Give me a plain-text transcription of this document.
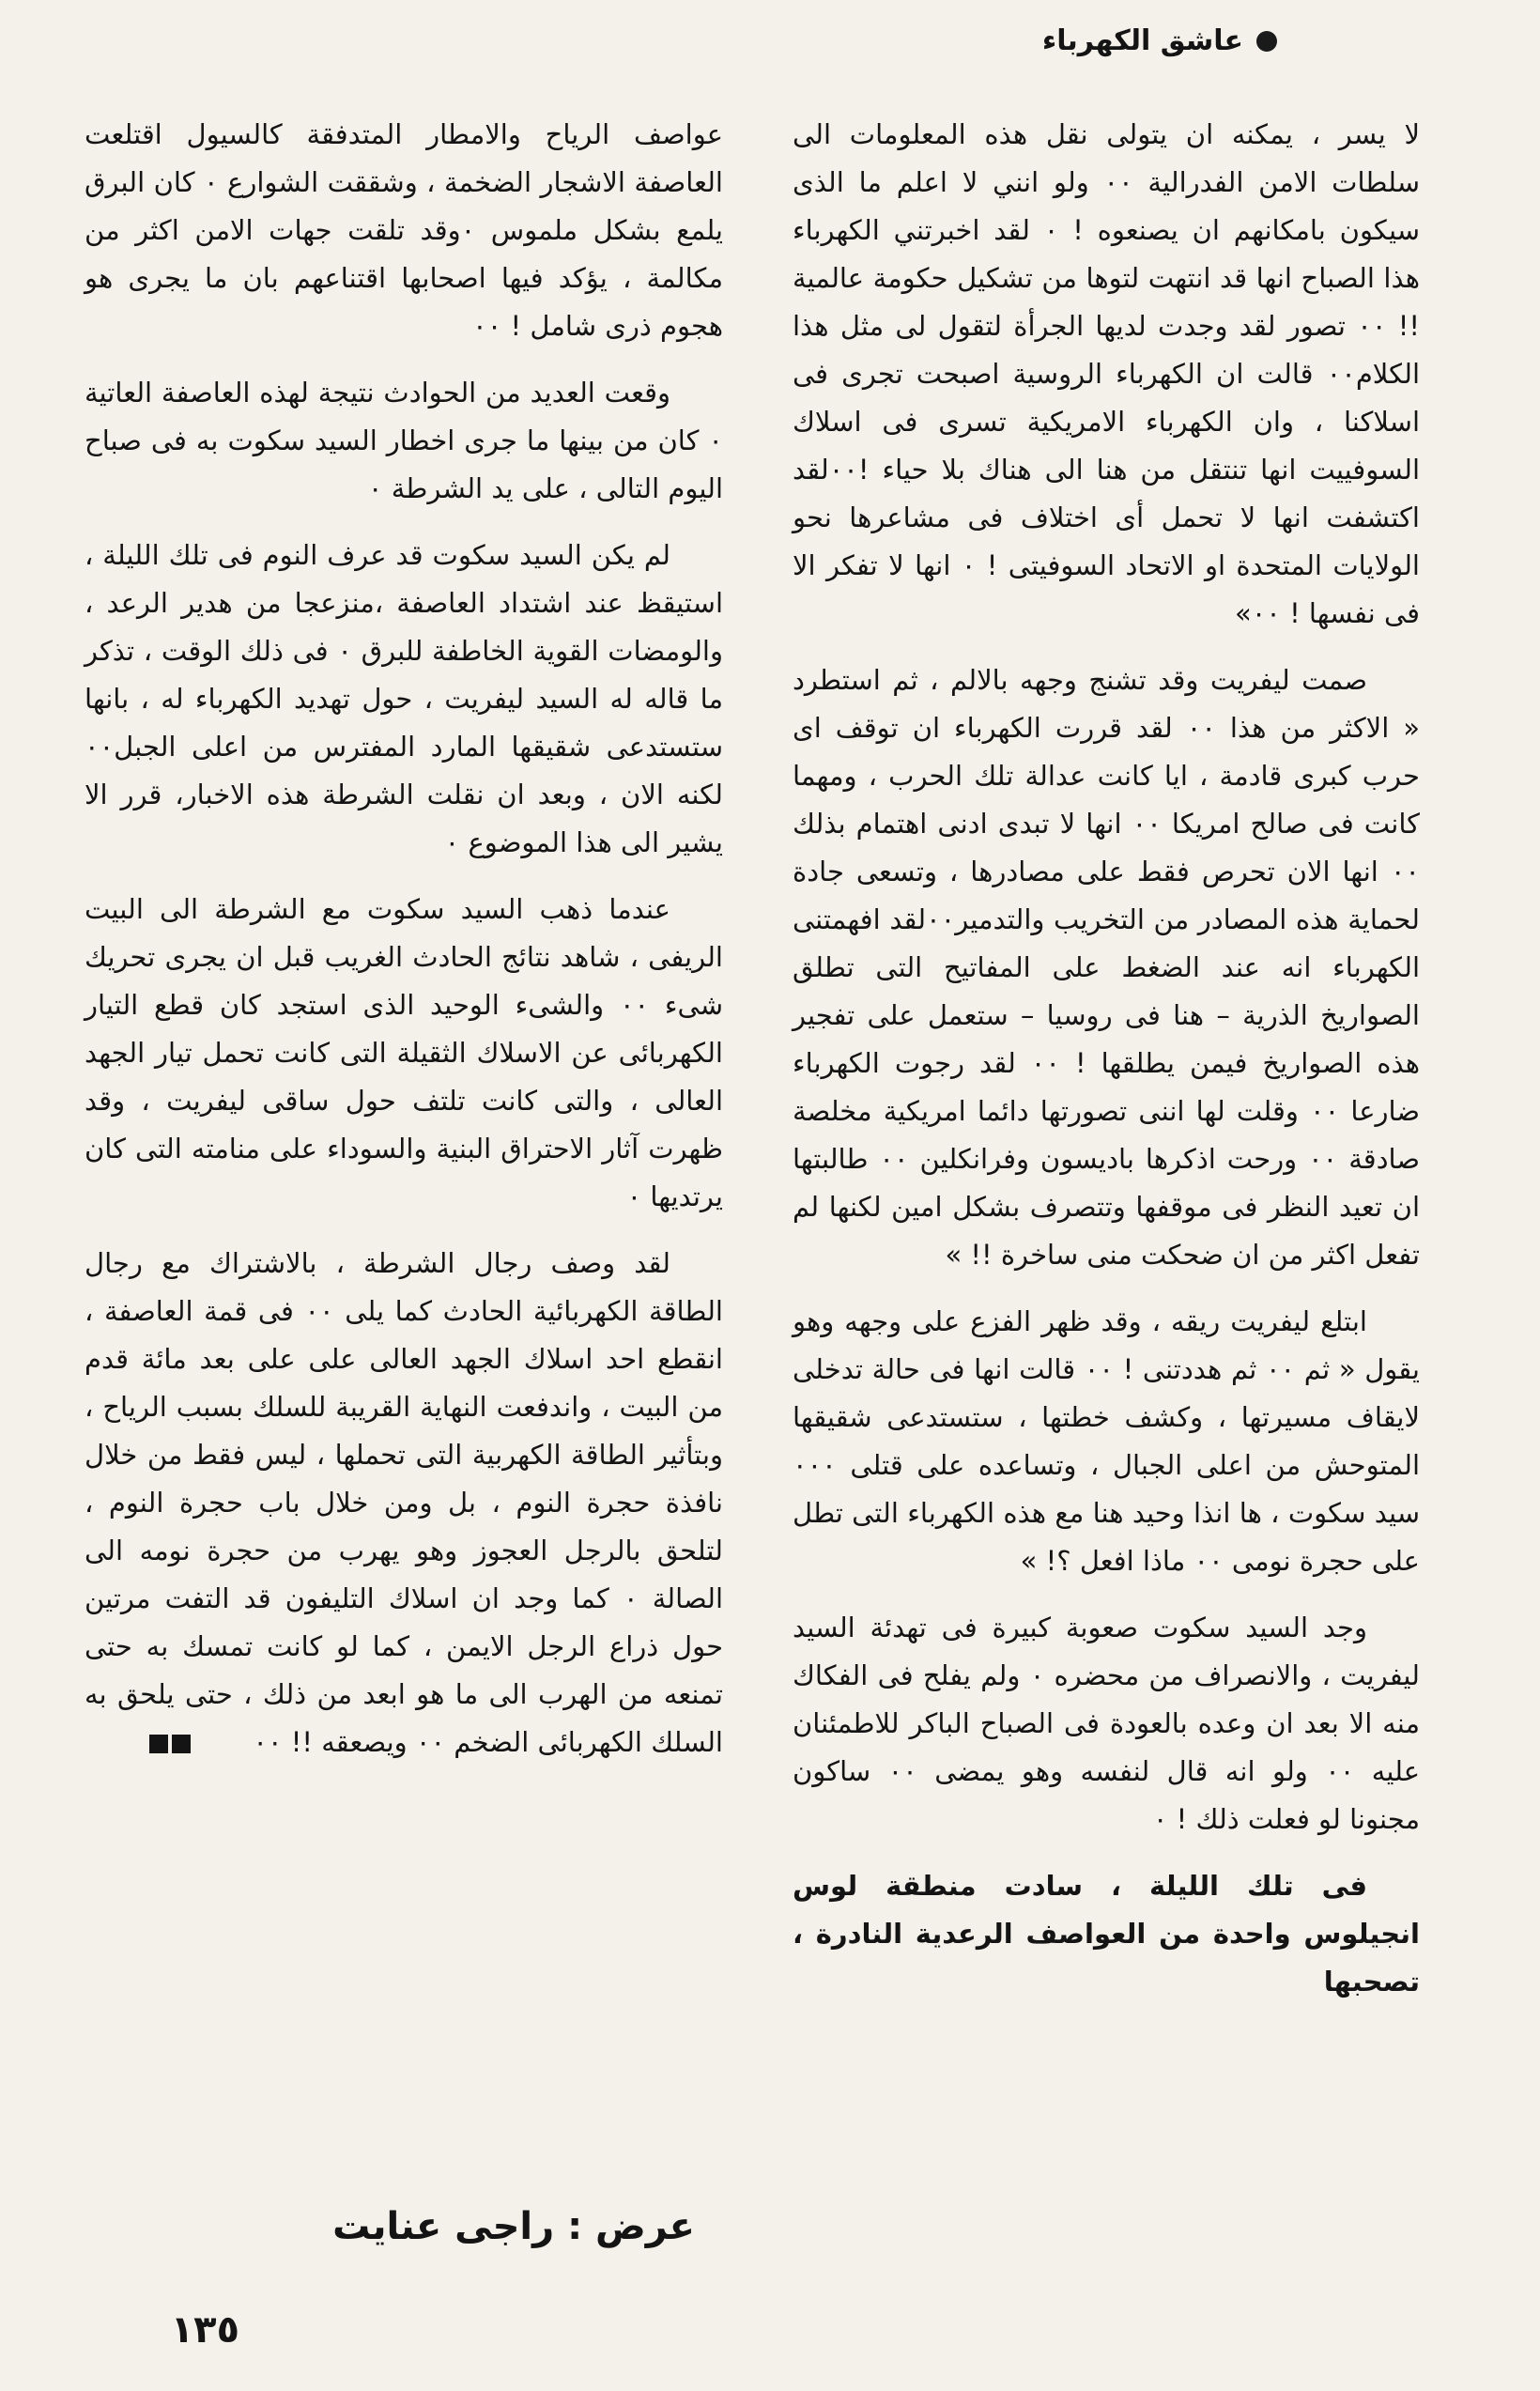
عاشق الكهرباء

لا يسر ، يمكنه ان يتولى نقل هذه المعلومات الى سلطات الامن الفدرالية ٠٠ ولو انني لا اعلم ما الذى سيكون بامكانهم ان يصنعوه ! ٠ لقد اخبرتني الكهرباء هذا الصباح انها قد انتهت لتوها من تشكيل حكومة عالمية !! ٠٠ تصور لقد وجدت لديها الجرأة لتقول لى مثل هذا الكلام٠٠ قالت ان الكهرباء الروسية اصبحت تجرى فى اسلاكنا ، وان الكهرباء الامريكية تسرى فى اسلاك السوفييت انها تنتقل من هنا الى هناك بلا حياء !٠٠لقد اكتشفت انها لا تحمل أى اختلاف فى مشاعرها نحو الولايات المتحدة او الاتحاد السوفيتى ! ٠ انها لا تفكر الا فى نفسها ! ٠٠»

صمت ليفريت وقد تشنج وجهه بالالم ، ثم استطرد « الاكثر من هذا ٠٠ لقد قررت الكهرباء ان توقف اى حرب كبرى قادمة ، ايا كانت عدالة تلك الحرب ، ومهما كانت فى صالح امريكا ٠٠ انها لا تبدى ادنى اهتمام بذلك ٠٠ انها الان تحرص فقط على مصادرها ، وتسعى جادة لحماية هذه المصادر من التخريب والتدمير٠٠لقد افهمتنى الكهرباء انه عند الضغط على المفاتيح التى تطلق الصواريخ الذرية – هنا فى روسيا – ستعمل على تفجير هذه الصواريخ فيمن يطلقها ! ٠٠ لقد رجوت الكهرباء ضارعا ٠٠ وقلت لها اننى تصورتها دائما امريكية مخلصة صادقة ٠٠ ورحت اذكرها باديسون وفرانكلين ٠٠ طالبتها ان تعيد النظر فى موقفها وتتصرف بشكل امين لكنها لم تفعل اكثر من ان ضحكت منى ساخرة !! »

ابتلع ليفريت ريقه ، وقد ظهر الفزع على وجهه وهو يقول « ثم ٠٠ ثم هددتنى ! ٠٠ قالت انها فى حالة تدخلى لايقاف مسيرتها ، وكشف خطتها ، ستستدعى شقيقها المتوحش من اعلى الجبال ، وتساعده على قتلى ٠٠٠ سيد سكوت ، ها انذا وحيد هنا مع هذه الكهرباء التى تطل على حجرة نومى ٠٠ ماذا افعل ؟! »

وجد السيد سكوت صعوبة كبيرة فى تهدئة السيد ليفريت ، والانصراف من محضره ٠ ولم يفلح فى الفكاك منه الا بعد ان وعده بالعودة فى الصباح الباكر للاطمئنان عليه ٠٠ ولو انه قال لنفسه وهو يمضى ٠٠ ساكون مجنونا لو فعلت ذلك ! ٠

فى تلك الليلة ، سادت منطقة لوس انجيلوس واحدة من العواصف الرعدية النادرة ، تصحبها

عواصف الرياح والامطار المتدفقة كالسيول اقتلعت العاصفة الاشجار الضخمة ، وشققت الشوارع ٠ كان البرق يلمع بشكل ملموس ٠وقد تلقت جهات الامن اكثر من مكالمة ، يؤكد فيها اصحابها اقتناعهم بان ما يجرى هو هجوم ذرى شامل ! ٠٠

وقعت العديد من الحوادث نتيجة لهذه العاصفة العاتية ٠ كان من بينها ما جرى اخطار السيد سكوت به فى صباح اليوم التالى ، على يد الشرطة ٠

لم يكن السيد سكوت قد عرف النوم فى تلك الليلة ، استيقظ عند اشتداد العاصفة ،منزعجا من هدير الرعد ، والومضات القوية الخاطفة للبرق ٠ فى ذلك الوقت ، تذكر ما قاله له السيد ليفريت ، حول تهديد الكهرباء له ، بانها ستستدعى شقيقها المارد المفترس من اعلى الجبل٠٠ لكنه الان ، وبعد ان نقلت الشرطة هذه الاخبار، قرر الا يشير الى هذا الموضوع ٠

عندما ذهب السيد سكوت مع الشرطة الى البيت الريفى ، شاهد نتائج الحادث الغريب قبل ان يجرى تحريك شىء ٠٠ والشىء الوحيد الذى استجد كان قطع التيار الكهربائى عن الاسلاك الثقيلة التى كانت تحمل تيار الجهد العالى ، والتى كانت تلتف حول ساقى ليفريت ، وقد ظهرت آثار الاحتراق البنية والسوداء على منامته التى كان يرتديها ٠

لقد وصف رجال الشرطة ، بالاشتراك مع رجال الطاقة الكهربائية الحادث كما يلى ٠٠ فى قمة العاصفة ، انقطع احد اسلاك الجهد العالى على على بعد مائة قدم من البيت ، واندفعت النهاية القريبة للسلك بسبب الرياح ، وبتأثير الطاقة الكهربية التى تحملها ، ليس فقط من خلال نافذة حجرة النوم ، بل ومن خلال باب حجرة النوم ، لتلحق بالرجل العجوز وهو يهرب من حجرة نومه الى الصالة ٠ كما وجد ان اسلاك التليفون قد التفت مرتين حول ذراع الرجل الايمن ، كما لو كانت تمسك به حتى تمنعه من الهرب الى ما هو ابعد من ذلك ، حتى يلحق به السلك الكهربائى الضخم ٠٠ ويصعقه !! ٠٠

عرض : راجى عنايت
١٣٥
